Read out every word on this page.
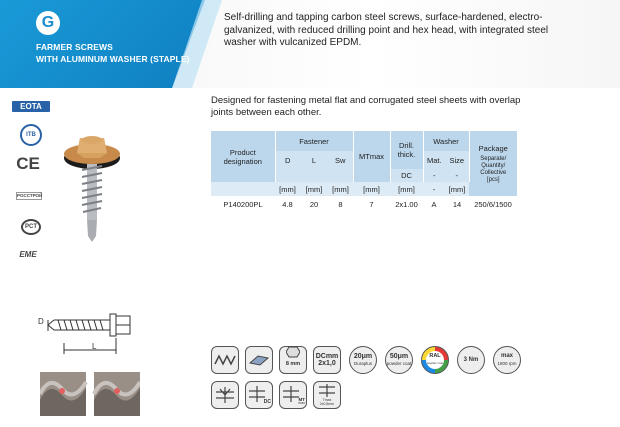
G
FARMER SCREWS
WITH ALUMINUM WASHER (STAPLE)
Self-drilling and tapping carbon steel screws, surface-hardened, electro-galvanized, with reduced drilling point and hex head, with integrated steel washer with vulcanized EPDM.
EOTA
ITB
CE
РОССТРОЙ
PCT
EME
Designed for fastening metal flat and corrugated steel sheets with overlap joints between each other.
Product designation	Fastener			MTmax	Drill. thick.	Washer		Package
Separate/ Quantity/ Collective [pcs]

	D	L	Sw			Mat.	Size	
					DC	-	-	
	[mm]	[mm]	[mm]	[mm]	[mm]	-	[mm]	
P140200PL	4.8	20	8	7	2x1.00	A	14	250/6/1500
D
L
8 mm
DCmm
2x1,0
20μm
Duraplus
50μm
powder coat
RAL
powder coat
3 Nm
max
1800 rpm
DC	MT
max
Tmax 2x0,5mm
